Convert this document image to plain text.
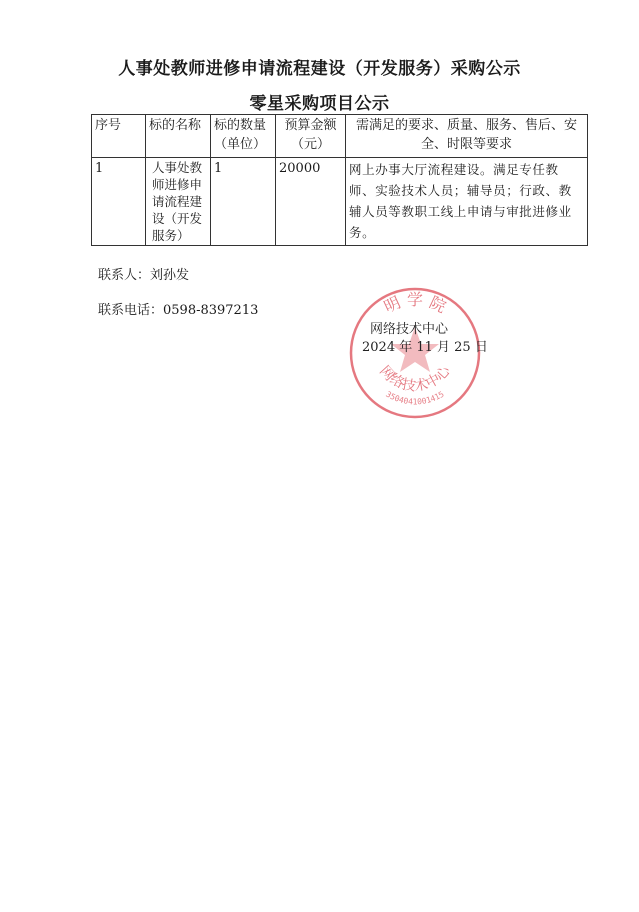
人事处教师进修申请流程建设（开发服务）采购公示
零星采购项目公示
序号	标的名称	标的数量（单位）	预算金额（元）	需满足的要求、质量、服务、售后、安全、时限等要求
1	人事处教师进修申请流程建设（开发服务）	1	20000	网上办事大厅流程建设。满足专任教师、实验技术人员；辅导员；行政、教辅人员等教职工线上申请与审批进修业务。
联系人：刘孙发
联系电话：0598-8397213	明 学 院
网络技术中心
3504041001415
网络技术中心
2024 年 11 月 25 日
